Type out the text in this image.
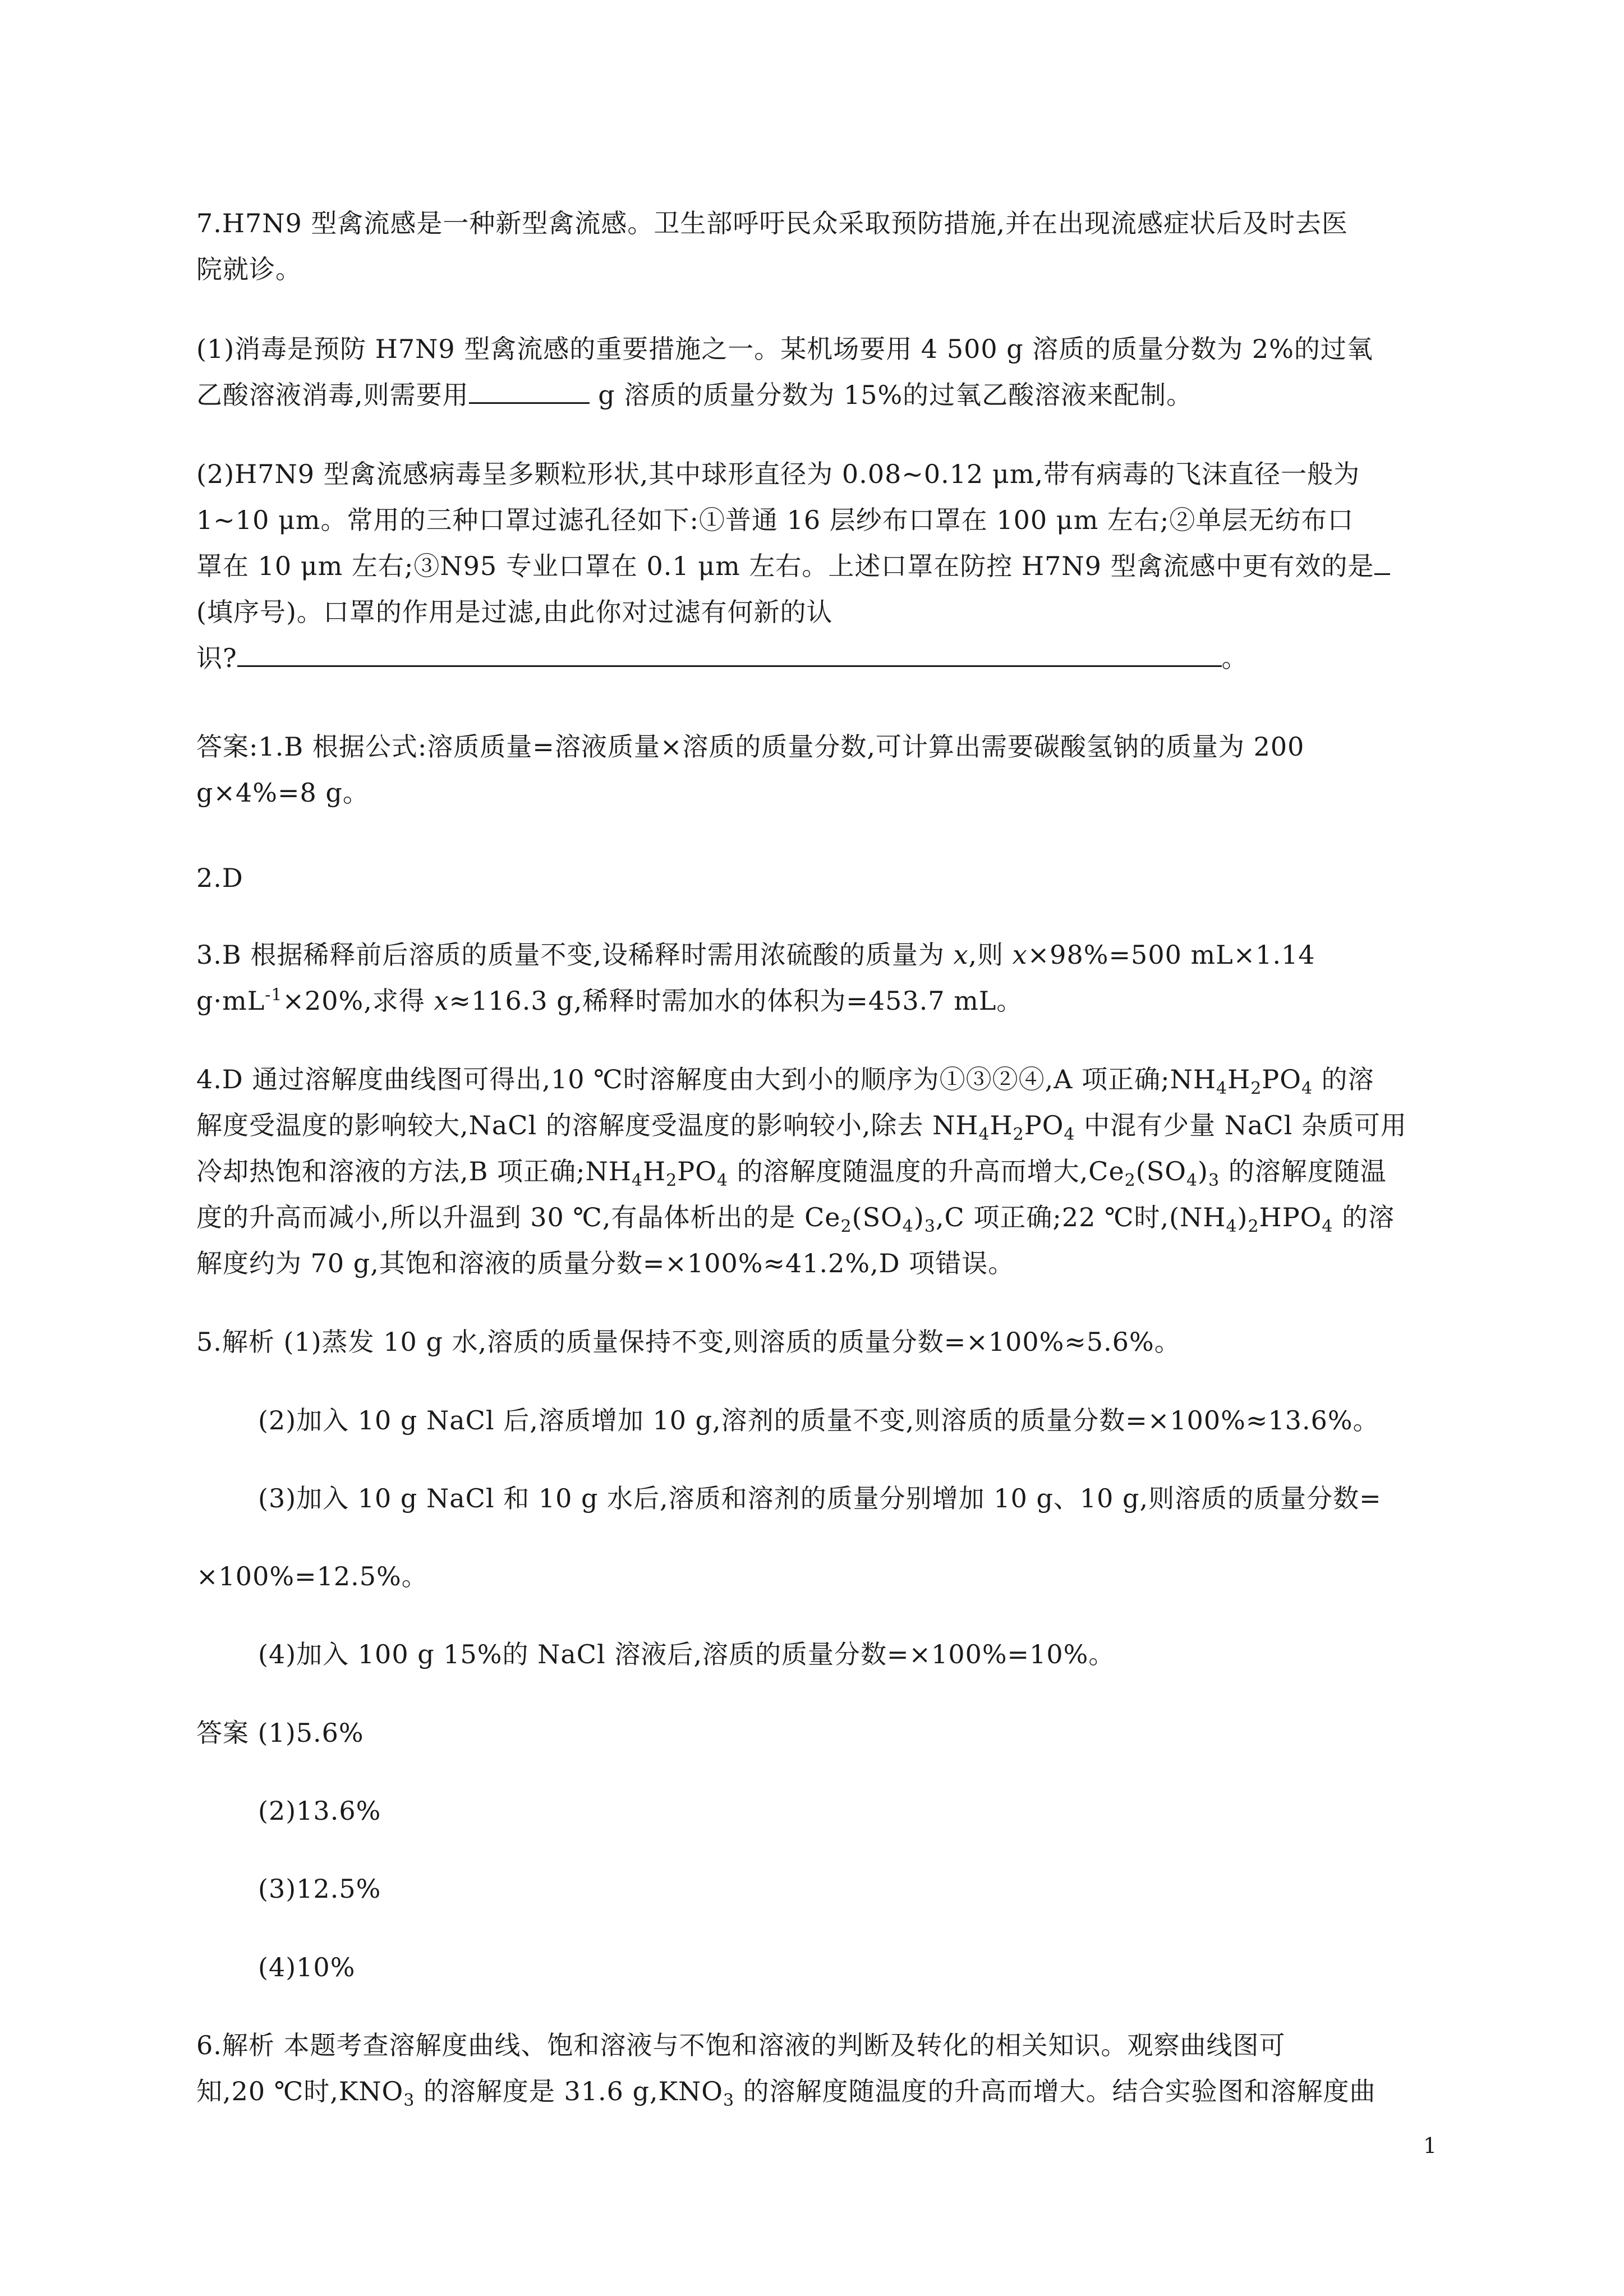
7.H7N9 型禽流感是一种新型禽流感。卫生部呼吁民众采取预防措施,并在出现流感症状后及时去医
院就诊。
(1)消毒是预防 H7N9 型禽流感的重要措施之一。某机场要用 4 500 g 溶质的质量分数为 2%的过氧
乙酸溶液消毒,则需要用	g 溶质的质量分数为 15%的过氧乙酸溶液来配制。
(2)H7N9 型禽流感病毒呈多颗粒形状,其中球形直径为 0.08~0.12 μm,带有病毒的飞沫直径一般为
1~10 μm。常用的三种口罩过滤孔径如下:①普通 16 层纱布口罩在 100 μm 左右;②单层无纺布口
罩在 10 μm 左右;③N95 专业口罩在 0.1 μm 左右。上述口罩在防控 H7N9 型禽流感中更有效的是
(填序号)。口罩的作用是过滤,由此你对过滤有何新的认
识?	。
答案:1.B 根据公式:溶质质量=溶液质量×溶质的质量分数,可计算出需要碳酸氢钠的质量为 200
g×4%=8 g。
2.D
3.B 根据稀释前后溶质的质量不变,设稀释时需用浓硫酸的质量为 x,则 x×98%=500 mL×1.14
$g\cdot mL^{-1}\times 20\%$,求得 x≈116.3 g,稀释时需加水的体积为=453.7 mL。
4.D 通过溶解度曲线图可得出,10 ℃时溶解度由大到小的顺序为①③②④,A 项正确$;NH_4H_2PO_4$ 的溶
解度受温度的影响较大,NaCl 的溶解度受温度的影响较小,除去 $NH_4H_2PO_4$ 中混有少量 NaCl 杂质可用
冷却热饱和溶液的方法,B 项正确$;NH_4H_2PO_4$ 的溶解度随温度的升高而增大$,Ce_2(SO_4)_3$ 的溶解度随温
度的升高而减小,所以升温到 30 ℃,有晶体析出的是 $Ce_2(SO_4)_3,C$ 项正确;22 ℃时$,(NH_4)_2HPO_4$ 的溶
解度约为 70 g,其饱和溶液的质量分数=×100%≈41.2%,D 项错误。
5.解析 (1)蒸发 10 g 水,溶质的质量保持不变,则溶质的质量分数=×100%≈5.6%。
(2)加入 10 g NaCl 后,溶质增加 10 g,溶剂的质量不变,则溶质的质量分数=×100%≈13.6%。
(3)加入 10 g NaCl 和 10 g 水后,溶质和溶剂的质量分别增加 10 g、10 g,则溶质的质量分数=
×100%=12.5%。
(4)加入 100 g 15%的 NaCl 溶液后,溶质的质量分数=×100%=10%。
答案 (1)5.6%
(2)13.6%
(3)12.5%
(4)10%
6.解析 本题考查溶解度曲线、饱和溶液与不饱和溶液的判断及转化的相关知识。观察曲线图可
知,20 ℃时$,KNO_3$ 的溶解度是 31.6 $g,KNO_3$ 的溶解度随温度的升高而增大。结合实验图和溶解度曲
1
